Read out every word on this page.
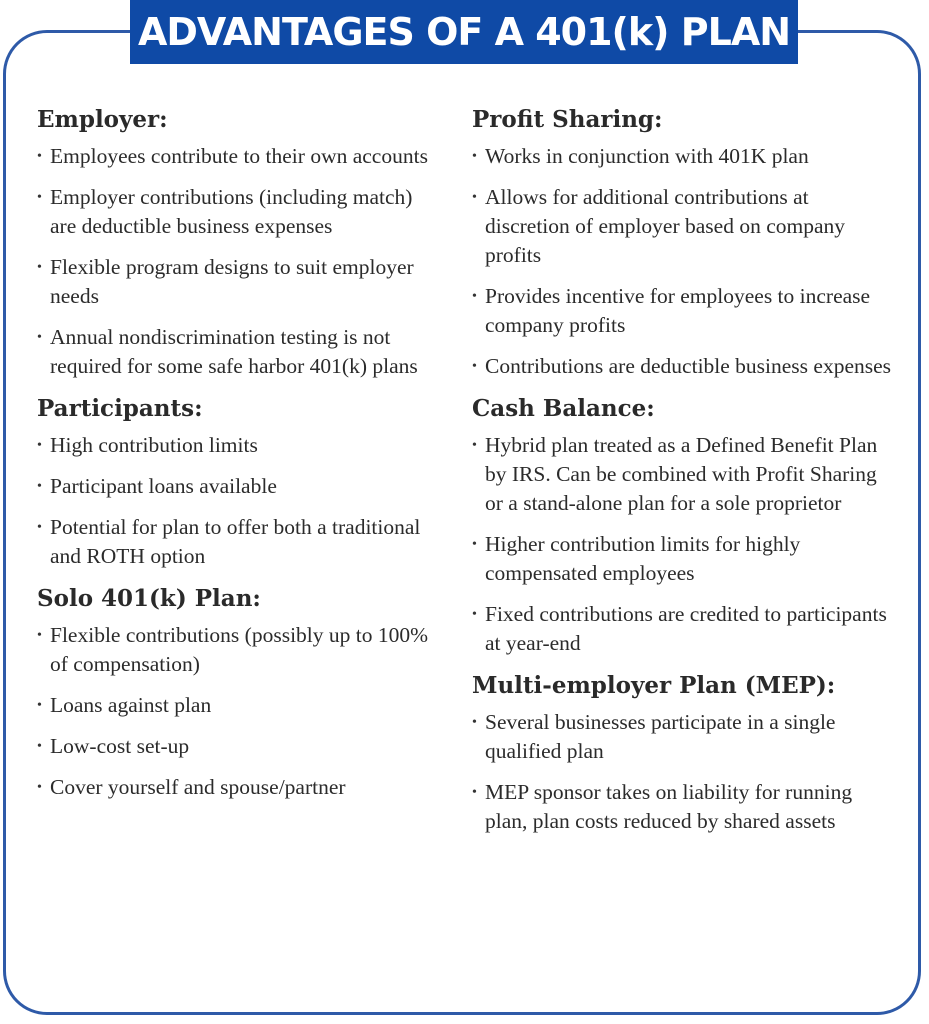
ADVANTAGES OF A 401(k) PLAN
Employer:
• Employees contribute to their own accounts
• Employer contributions (including match) are deductible business expenses
• Flexible program designs to suit employer needs
• Annual nondiscrimination testing is not required for some safe harbor 401(k) plans
Participants:
• High contribution limits
• Participant loans available
• Potential for plan to offer both a traditional and ROTH option
Solo 401(k) Plan:
• Flexible contributions (possibly up to 100% of compensation)
• Loans against plan
• Low-cost set-up
• Cover yourself and spouse/partner
Profit Sharing:
• Works in conjunction with 401K plan
• Allows for additional contributions at discretion of employer based on company profits
• Provides incentive for employees to increase company profits
• Contributions are deductible business expenses
Cash Balance:
• Hybrid plan treated as a Defined Benefit Plan by IRS. Can be combined with Profit Sharing or a stand-alone plan for a sole proprietor
• Higher contribution limits for highly compensated employees
• Fixed contributions are credited to participants at year-end
Multi-employer Plan (MEP):
• Several businesses participate in a single qualified plan
• MEP sponsor takes on liability for running plan, plan costs reduced by shared assets
